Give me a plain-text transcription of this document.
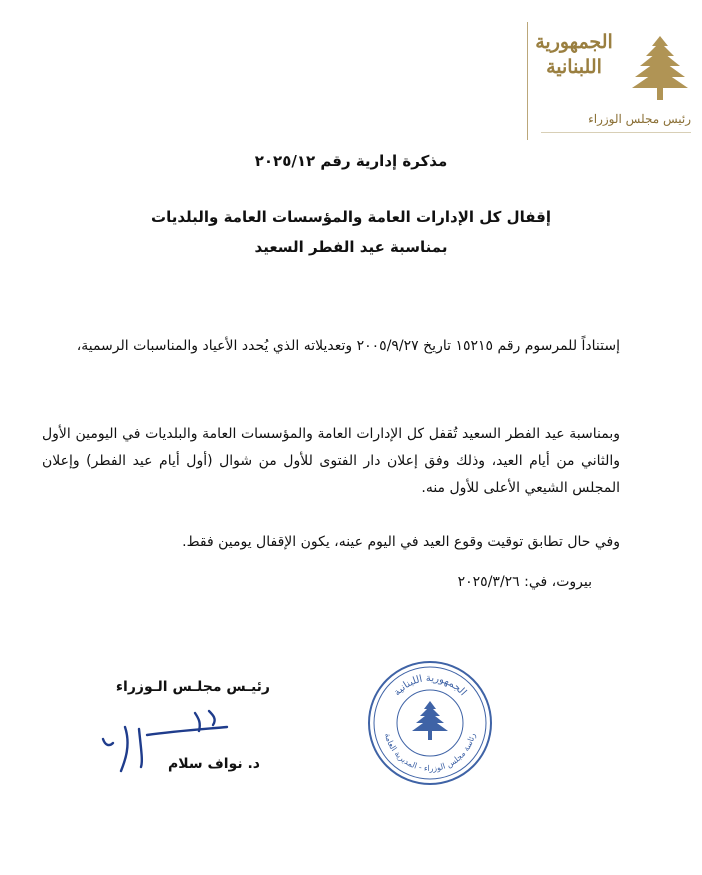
الجمهورية اللبنانية
رئيس مجلس الوزراء
مذكرة إدارية رقم ٢٠٢٥/١٢
إقفال كل الإدارات العامة والمؤسسات العامة والبلديات
بمناسبة عيد الفطر السعيد
إستناداً للمرسوم رقم ١٥٢١٥ تاريخ ٢٠٠٥/٩/٢٧ وتعديلاته الذي يُحدد الأعياد والمناسبات الرسمية،
وبمناسبة عيد الفطر السعيد تُقفل كل الإدارات العامة والمؤسسات العامة والبلديات في اليومين الأول والثاني من أيام العيد، وذلك وفق إعلان دار الفتوى للأول من شوال (أول أيام عيد الفطر) وإعلان المجلس الشيعي الأعلى للأول منه.
وفي حال تطابق توقيت وقوع العيد في اليوم عينه، يكون الإقفال يومين فقط.
بيروت، في: ٢٠٢٥/٣/٢٦
الجمهورية اللبنانية
رئاسة مجلس الوزراء - المديرية العامة
رئيـس مجلـس الـوزراء
د. نواف سلام
